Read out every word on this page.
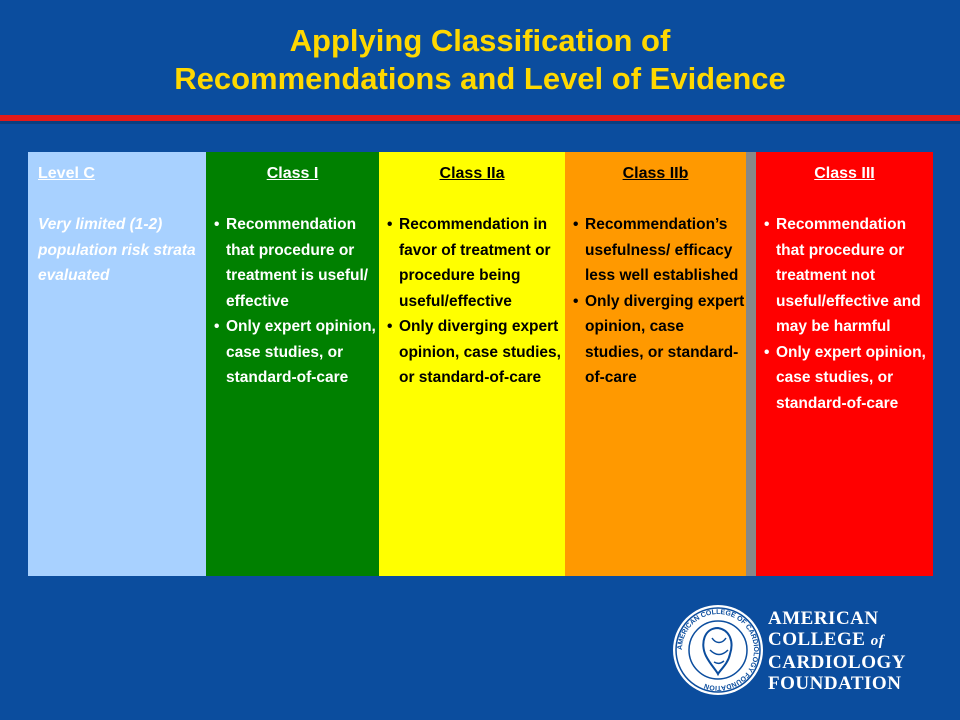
Applying Classification of
Recommendations and Level of Evidence
Level C
Very limited (1-2) population risk strata evaluated
Class I
• Recommendation that procedure or treatment is useful/ effective
• Only expert opinion, case studies, or standard-of-care
Class IIa
• Recommendation in favor of treatment or procedure being useful/effective
• Only diverging expert opinion, case studies, or standard-of-care
Class IIb
• Recommendation’s usefulness/ efficacy less well established
• Only diverging expert opinion, case studies, or standard-of-care
Class III
• Recommendation that procedure or treatment not useful/effective and may be harmful
• Only expert opinion, case studies, or standard-of-care
AMERICAN COLLEGE OF CARDIOLOGY FOUNDATION
AMERICAN
COLLEGE of
CARDIOLOGY
FOUNDATION
